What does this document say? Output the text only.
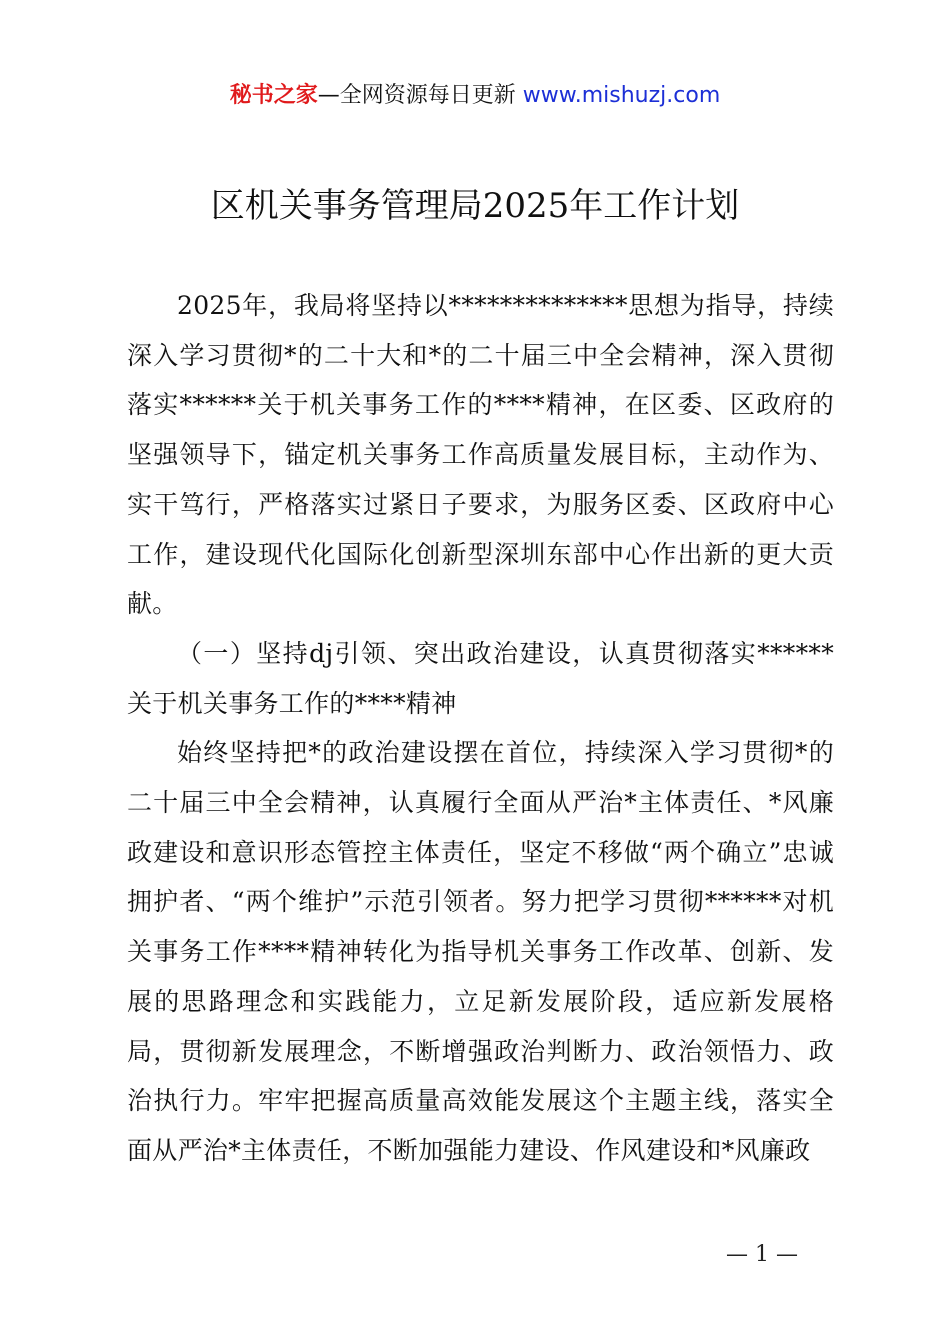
秘书之家—全网资源每日更新 www.mishuzj.com
区机关事务管理局2025年工作计划

2025年，我局将坚持以**************思想为指导，持续深入学习贯彻*的二十大和*的二十届三中全会精神，深入贯彻落实******关于机关事务工作的****精神，在区委、区政府的坚强领导下，锚定机关事务工作高质量发展目标，主动作为、实干笃行，严格落实过紧日子要求，为服务区委、区政府中心工作，建设现代化国际化创新型深圳东部中心作出新的更大贡献。

（一）坚持dj引领、突出政治建设，认真贯彻落实******关于机关事务工作的****精神

始终坚持把*的政治建设摆在首位，持续深入学习贯彻*的二十届三中全会精神，认真履行全面从严治*主体责任、*风廉政建设和意识形态管控主体责任，坚定不移做“两个确立”忠诚拥护者、“两个维护”示范引领者。努力把学习贯彻******对机关事务工作****精神转化为指导机关事务工作改革、创新、发展的思路理念和实践能力，立足新发展阶段，适应新发展格局，贯彻新发展理念，不断增强政治判断力、政治领悟力、政治执行力。牢牢把握高质量高效能发展这个主题主线，落实全面从严治*主体责任，不断加强能力建设、作风建设和*风廉政

— 1 —
